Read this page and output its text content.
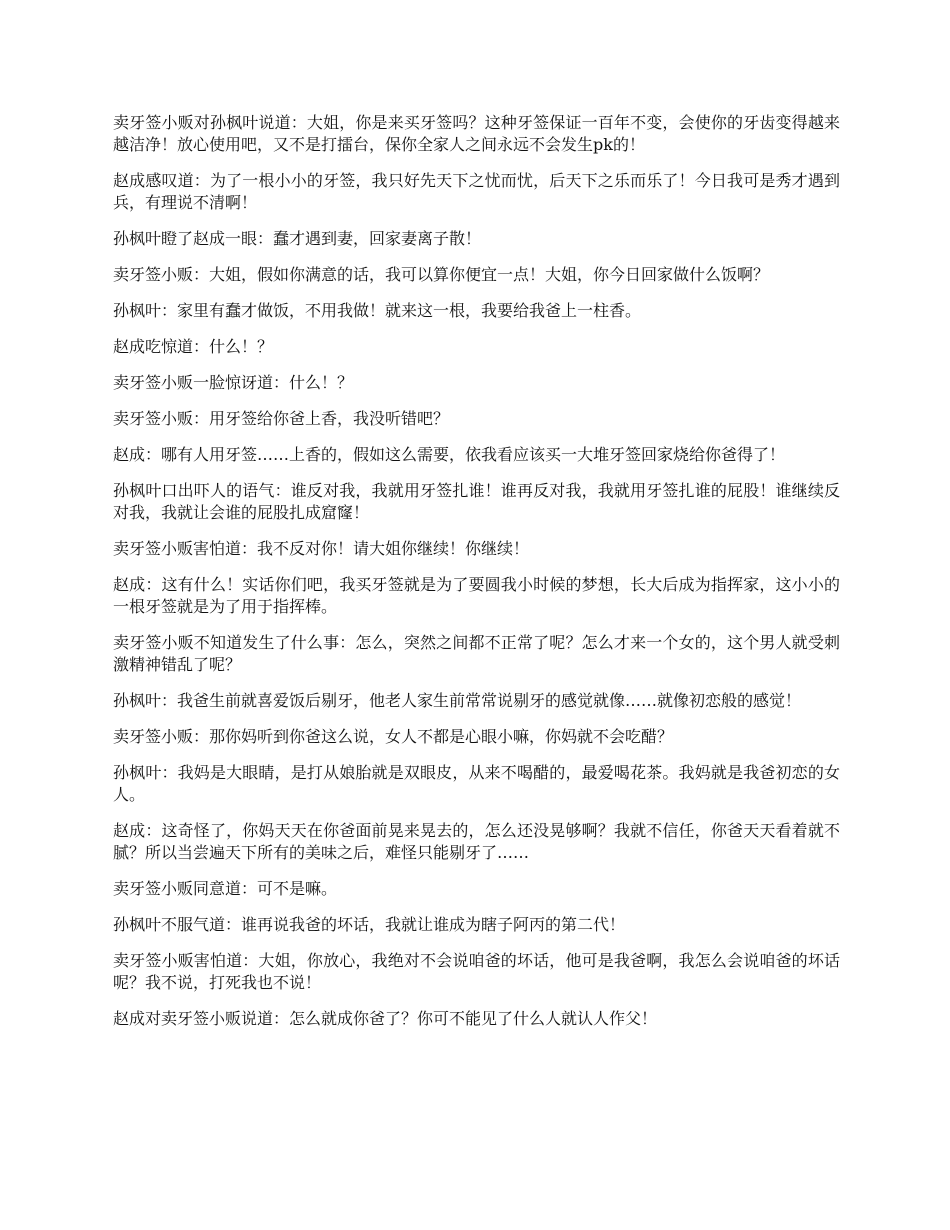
卖牙签小贩对孙枫叶说道：大姐，你是来买牙签吗？这种牙签保证一百年不变，会使你的牙齿变得越来越洁净！放心使用吧，又不是打擂台，保你全家人之间永远不会发生pk的！

赵成感叹道：为了一根小小的牙签，我只好先天下之忧而忧，后天下之乐而乐了！今日我可是秀才遇到兵，有理说不清啊！

孙枫叶瞪了赵成一眼：蠢才遇到妻，回家妻离子散！

卖牙签小贩：大姐，假如你满意的话，我可以算你便宜一点！大姐，你今日回家做什么饭啊？

孙枫叶：家里有蠢才做饭，不用我做！就来这一根，我要给我爸上一柱香。

赵成吃惊道：什么！？

卖牙签小贩一脸惊讶道：什么！？

卖牙签小贩：用牙签给你爸上香，我没听错吧？

赵成：哪有人用牙签……上香的，假如这么需要，依我看应该买一大堆牙签回家烧给你爸得了！

孙枫叶口出吓人的语气：谁反对我，我就用牙签扎谁！谁再反对我，我就用牙签扎谁的屁股！谁继续反对我，我就让会谁的屁股扎成窟窿！

卖牙签小贩害怕道：我不反对你！请大姐你继续！你继续！

赵成：这有什么！实话你们吧，我买牙签就是为了要圆我小时候的梦想，长大后成为指挥家，这小小的一根牙签就是为了用于指挥棒。

卖牙签小贩不知道发生了什么事：怎么，突然之间都不正常了呢？怎么才来一个女的，这个男人就受刺激精神错乱了呢？

孙枫叶：我爸生前就喜爱饭后剔牙，他老人家生前常常说剔牙的感觉就像……就像初恋般的感觉！

卖牙签小贩：那你妈听到你爸这么说，女人不都是心眼小嘛，你妈就不会吃醋？

孙枫叶：我妈是大眼睛，是打从娘胎就是双眼皮，从来不喝醋的，最爱喝花茶。我妈就是我爸初恋的女人。

赵成：这奇怪了，你妈天天在你爸面前晃来晃去的，怎么还没晃够啊？我就不信任，你爸天天看着就不腻？所以当尝遍天下所有的美味之后，难怪只能剔牙了……

卖牙签小贩同意道：可不是嘛。

孙枫叶不服气道：谁再说我爸的坏话，我就让谁成为瞎子阿丙的第二代！

卖牙签小贩害怕道：大姐，你放心，我绝对不会说咱爸的坏话，他可是我爸啊，我怎么会说咱爸的坏话呢？我不说，打死我也不说！

赵成对卖牙签小贩说道：怎么就成你爸了？你可不能见了什么人就认人作父！
